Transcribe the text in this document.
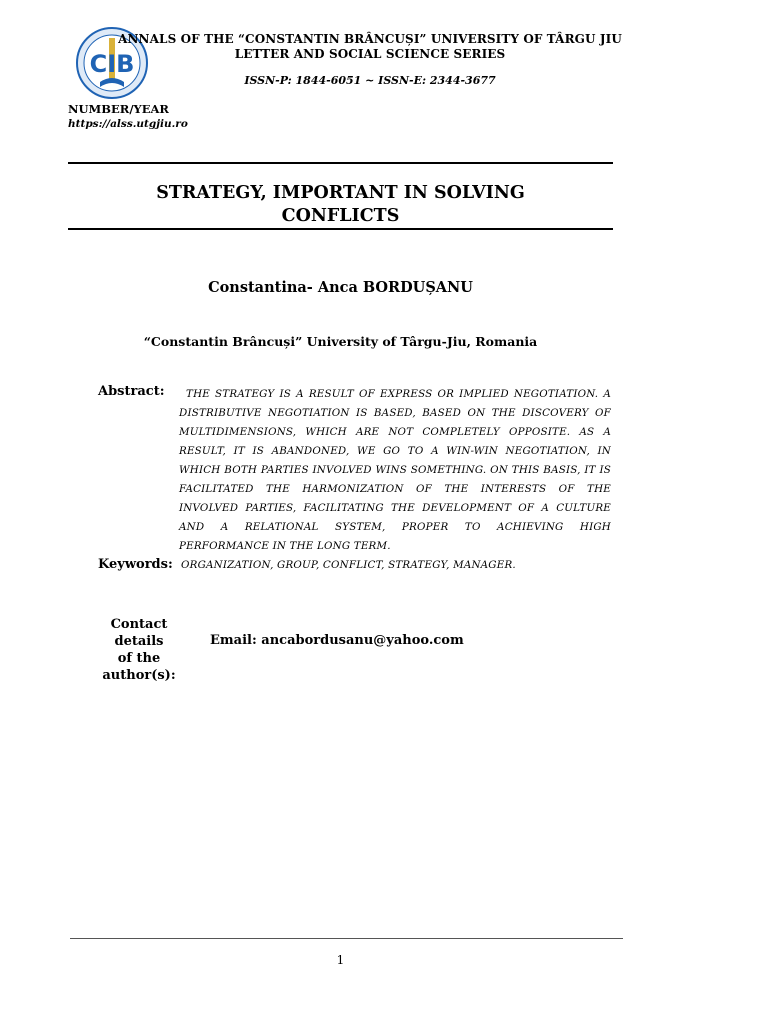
CIB
ANNALS OF THE “CONSTANTIN BRÂNCUȘI” UNIVERSITY OF TÂRGU JIU
LETTER AND SOCIAL SCIENCE SERIES
ISSN-P: 1844-6051 ~ ISSN-E: 2344-3677
NUMBER/YEAR
https://alss.utgjiu.ro
STRATEGY, IMPORTANT IN SOLVING
CONFLICTS
Constantina- Anca BORDUȘANU
“Constantin Brâncuși” University of Târgu-Jiu, Romania
Abstract:	THE STRATEGY IS A RESULT OF EXPRESS OR IMPLIED NEGOTIATION. A DISTRIBUTIVE NEGOTIATION IS BASED, BASED ON THE DISCOVERY OF MULTIDIMENSIONS, WHICH ARE NOT COMPLETELY OPPOSITE. AS A RESULT, IT IS ABANDONED, WE GO TO A WIN-WIN NEGOTIATION, IN WHICH BOTH PARTIES INVOLVED WINS SOMETHING. ON THIS BASIS, IT IS FACILITATED THE HARMONIZATION OF THE INTERESTS OF THE INVOLVED PARTIES, FACILITATING THE DEVELOPMENT OF A CULTURE AND A RELATIONAL SYSTEM, PROPER TO ACHIEVING HIGH PERFORMANCE IN THE LONG TERM.
Keywords: ORGANIZATION, GROUP, CONFLICT, STRATEGY, MANAGER.
Contact details
of the
author(s):
Email: ancabordusanu@yahoo.com
1
